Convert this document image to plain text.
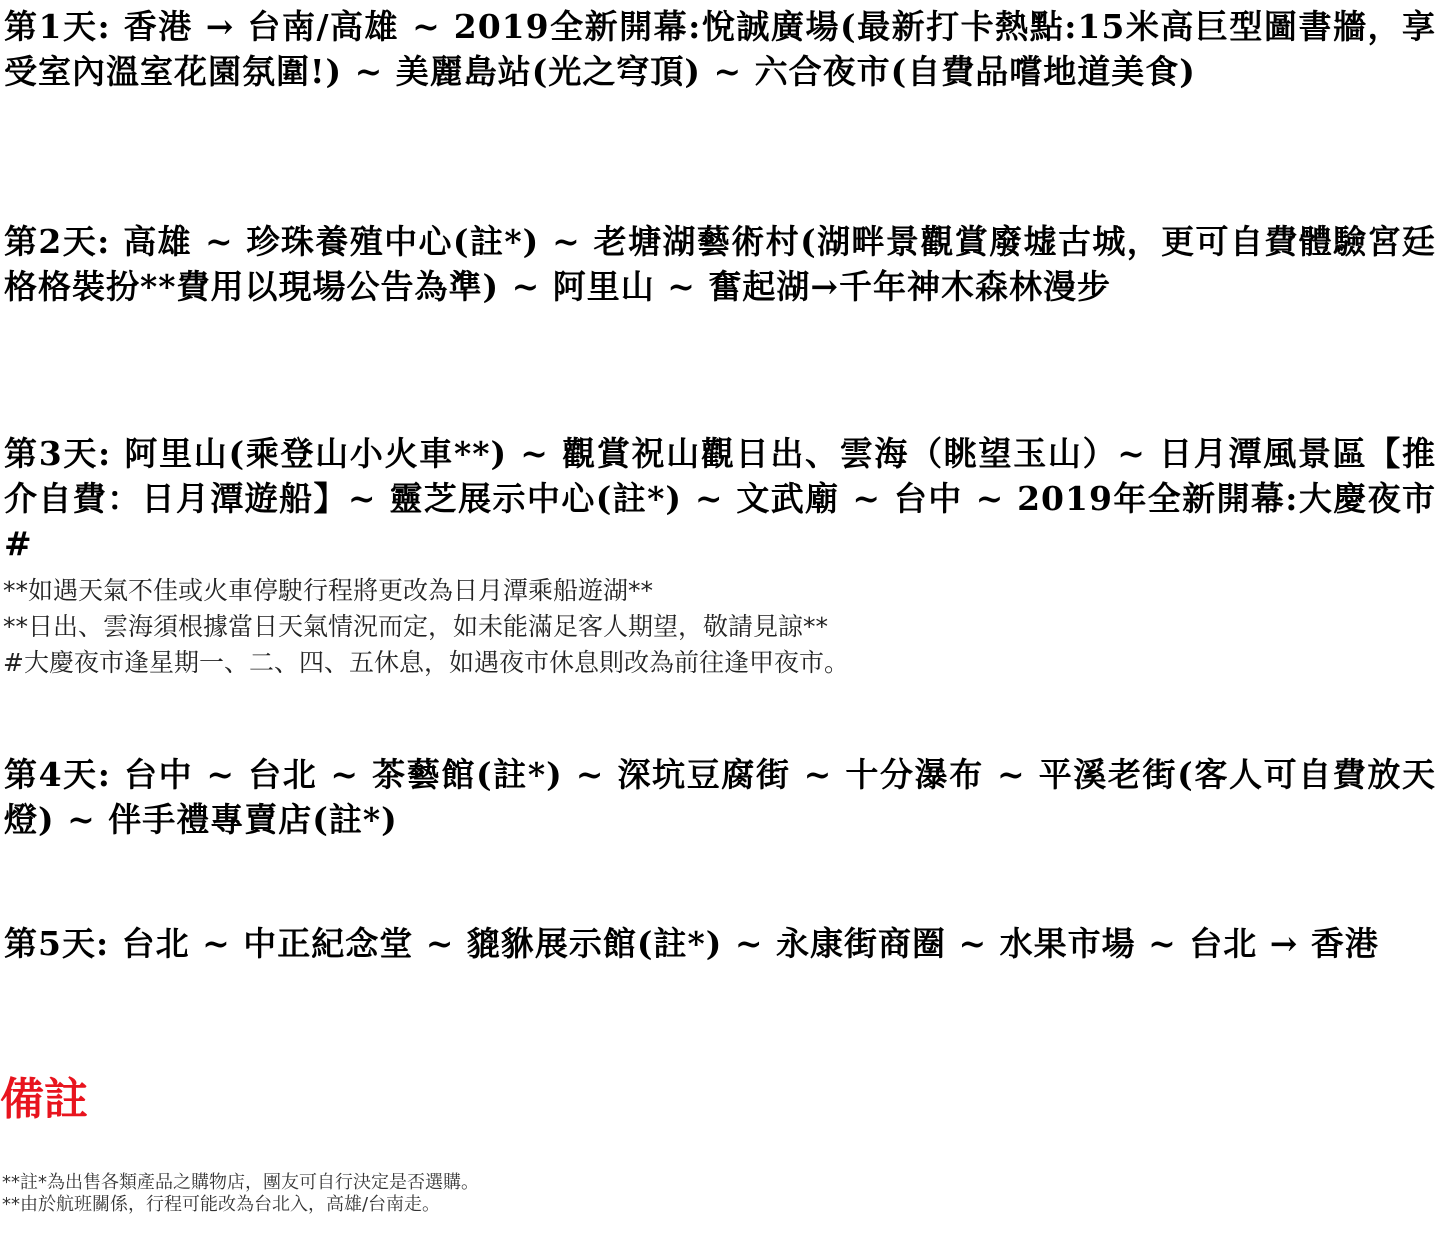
第1天: 香港 → 台南/高雄 ~ 2019全新開幕:悅誠廣場(最新打卡熱點:15米高巨型圖書牆，享受室內溫室花園氛圍!) ~ 美麗島站(光之穹頂) ~ 六合夜市(自費品嚐地道美食)
第2天: 高雄 ~ 珍珠養殖中心(註*) ~ 老塘湖藝術村(湖畔景觀賞廢墟古城，更可自費體驗宮廷格格裝扮**費用以現場公告為準) ~ 阿里山 ~ 奮起湖→千年神木森林漫步
第3天: 阿里山(乘登山小火車**) ~ 觀賞祝山觀日出、雲海（眺望玉山）~ 日月潭風景區【推介自費：日月潭遊船】~ 靈芝展示中心(註*) ~ 文武廟 ~ 台中 ~ 2019年全新開幕:大慶夜市#

**如遇天氣不佳或火車停駛行程將更改為日月潭乘船遊湖**

**日出、雲海須根據當日天氣情況而定，如未能滿足客人期望，敬請見諒**

#大慶夜市逢星期一、二、四、五休息，如遇夜市休息則改為前往逢甲夜市。

第4天: 台中 ~ 台北 ~ 茶藝館(註*) ~ 深坑豆腐街 ~ 十分瀑布 ~ 平溪老街(客人可自費放天燈) ~ 伴手禮專賣店(註*)
第5天: 台北 ~ 中正紀念堂 ~ 貔貅展示館(註*) ~ 永康街商圈 ~ 水果市場 ~ 台北 → 香港
備註

**註*為出售各類產品之購物店，團友可自行決定是否選購。

**由於航班關係，行程可能改為台北入，高雄/台南走。
